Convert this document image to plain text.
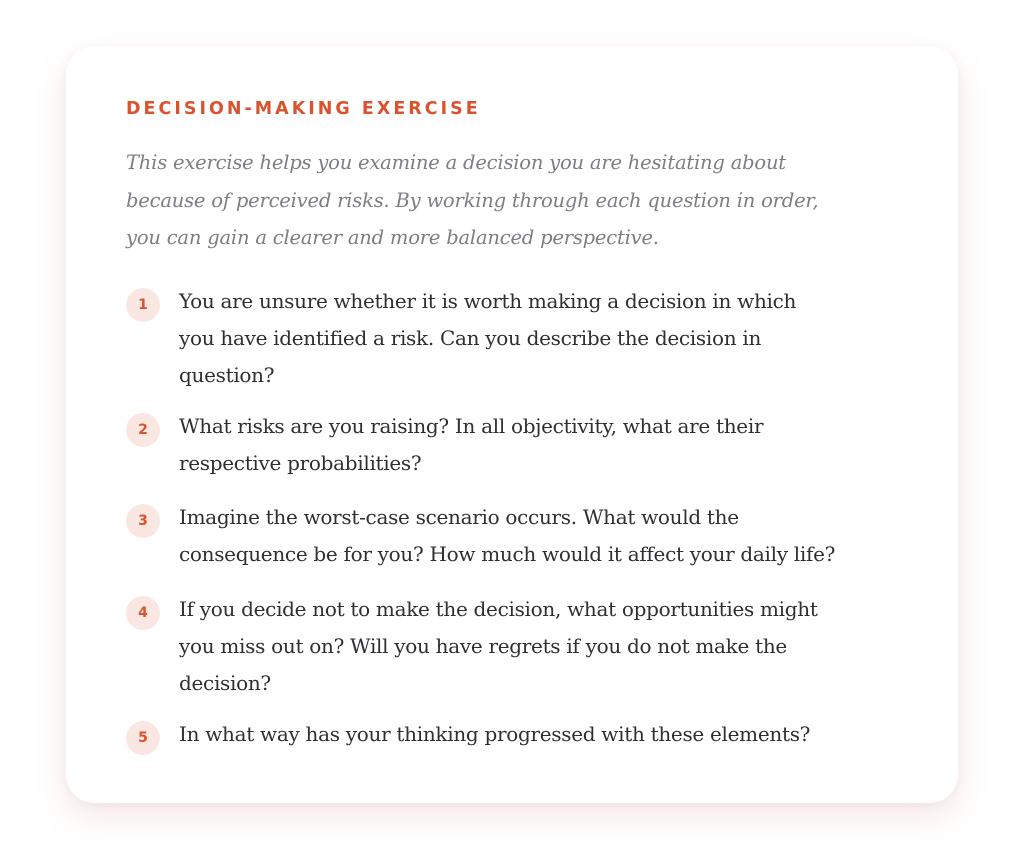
DECISION-MAKING EXERCISE

This exercise helps you examine a decision you are hesitating about
because of perceived risks. By working through each question in order,
you can gain a clearer and more balanced perspective.

1	You are unsure whether it is worth making a decision in which
you have identified a risk. Can you describe the decision in
question?
2	What risks are you raising? In all objectivity, what are their
respective probabilities?
3	Imagine the worst-case scenario occurs. What would the
consequence be for you? How much would it affect your daily life?
4	If you decide not to make the decision, what opportunities might
you miss out on? Will you have regrets if you do not make the
decision?
5	In what way has your thinking progressed with these elements?
